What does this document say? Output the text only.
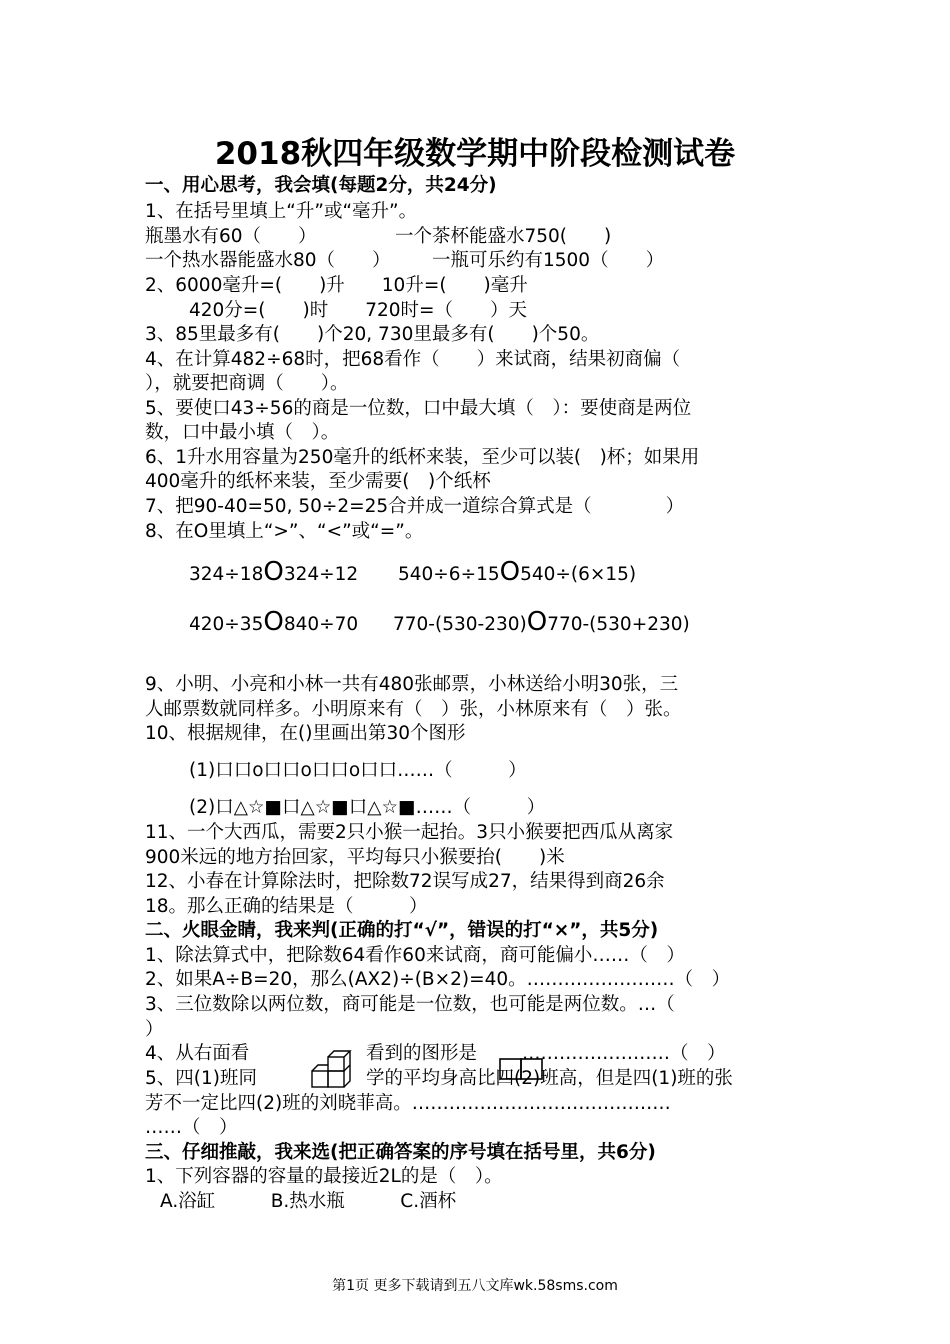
2018秋四年级数学期中阶段检测试卷
一、用心思考，我会填(每题2分，共24分)
1、在括号里填上“升”或“毫升”。
瓶墨水有60（　　）	一个茶杯能盛水750(　　)
一个热水器能盛水80（　　） 一瓶可乐约有1500（　　）
2、6000毫升=(　　)升　　10升=(　　)毫升
420分=(　　)时　　720时=（　　）天
3、85里最多有(　　)个20, 730里最多有(　　)个50。
4、在计算482÷68时，把68看作（　　）来试商，结果初商偏（
），就要把商调（　　）。
5、要使口43÷56的商是一位数，口中最大填（　）：要使商是两位
数，口中最小填（　）。
6、1升水用容量为250毫升的纸杯来装，至少可以装(　)杯；如果用
400毫升的纸杯来装，至少需要(　)个纸杯
7、把90-40=50, 50÷2=25合并成一道综合算式是（　　　　）
8、在O里填上“>”、“<”或“=”。
324÷18O324÷12 540÷6÷15O540÷(6×15)
420÷35O840÷70 770-(530-230)O770-(530+230)
9、小明、小亮和小林一共有480张邮票，小林送给小明30张，三
人邮票数就同样多。小明原来有（　）张，小林原来有（　）张。
10、根据规律，在()里画出第30个图形
(1)口口o口口o口口o口口……（　　　）
(2)口△☆■口△☆■口△☆■……（　　　）
11、一个大西瓜，需要2只小猴一起抬。3只小猴要把西瓜从离家
900米远的地方抬回家，平均每只小猴要抬(　　)米
12、小春在计算除法时，把除数72误写成27，结果得到商26余
18。那么正确的结果是（　　　）
二、火眼金睛，我来判(正确的打“√”，错误的打“×”，共5分)
1、除法算式中，把除数64看作60来试商，商可能偏小……（　）
2、如果A÷B=20，那么(AX2)÷(B×2)=40。……………………（　）
3、三位数除以两位数，商可能是一位数，也可能是两位数。…（
）
4、从右面看	看到的图形是 ……………………（　）
5、四(1)班同	学的平均身高比四(2)班高，但是四(1)班的张
芳不一定比四(2)班的刘晓菲高。……………………………………
……（　）
三、仔细推敲，我来选(把正确答案的序号填在括号里，共6分)
1、下列容器的容量的最接近2L的是（　）。
A.浴缸　　　B.热水瓶　　　C.酒杯
第1页 更多下载请到五八文库wk.58sms.com
